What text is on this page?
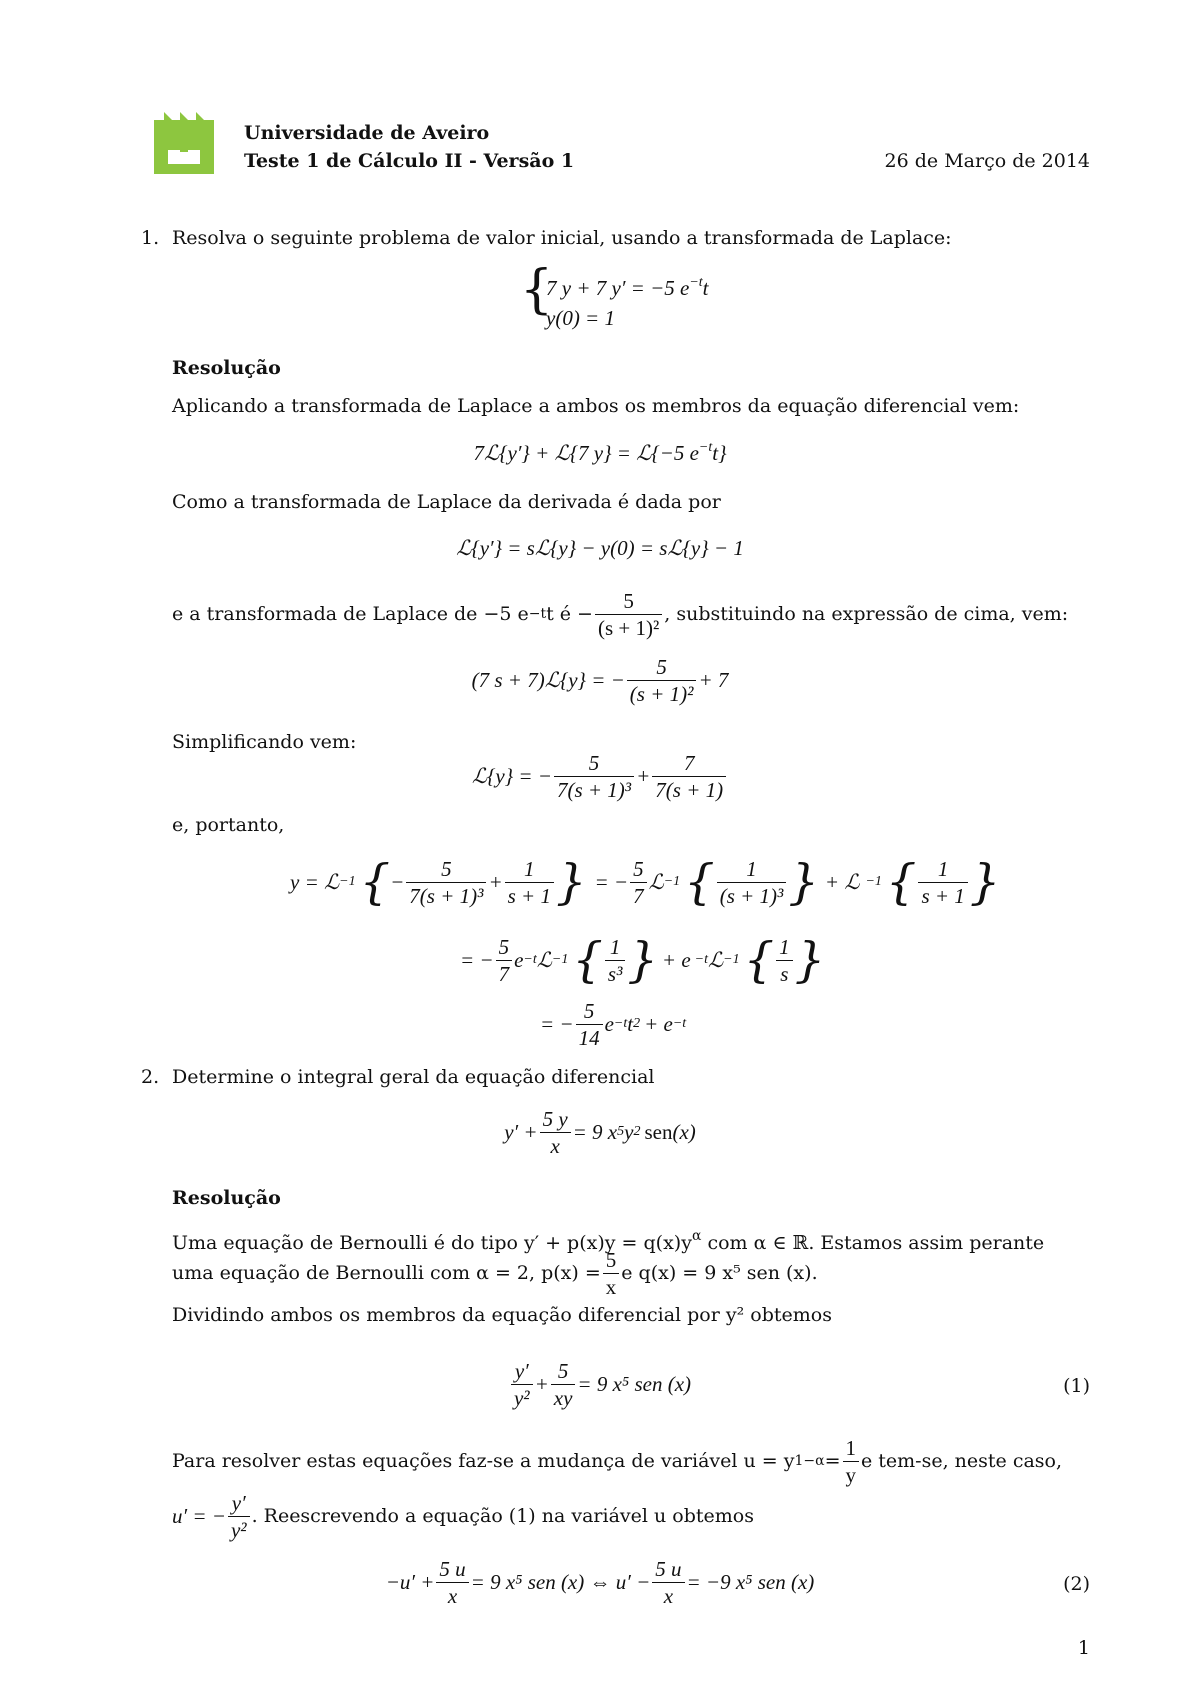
Universidade de Aveiro
Teste 1 de Cálculo II - Versão 1	26 de Março de 2014
1. Resolva o seguinte problema de valor inicial, usando a transformada de Laplace:
{
7 y + 7 y′ = −5 $e^{-t}t$
y(0) = 1
Resolução
Aplicando a transformada de Laplace a ambos os membros da equação diferencial vem:
7ℒ{y′} + ℒ{7 y} = ℒ{−5 $e^{-t}t$}
Como a transformada de Laplace da derivada é dada por
ℒ{y′} = sℒ{y} − y(0) = sℒ{y} − 1
e a transformada de Laplace de −5 e −t t é − $\frac{5}{\text{(s + 1)²}}$ , substituindo na expressão de cima, vem:
(7 s + 7)ℒ{y} = − $\frac{5}{\text{(s + 1)²}} + 7$
Simplificando vem:
ℒ{y} = − $\frac{5}{\text{7(s + 1)³}} + \frac{7}{7(s + 1)}$
e, portanto,
y = ℒ −1 { − $\frac{5}{\text{7(s + 1)³}} + \frac{1}{s + 1}$ } = − $\frac{5}{7}$ ℒ −1 { $\frac{1}{\text{(s + 1)³}}$ } + ℒ −1 { $\frac{1}{s + 1}$ }
= − $\frac{5}{7}$ e −t ℒ −1 { $\frac{1}{\text{s³}}$ } + e −t ℒ −1 { $\frac{1}{s}$ }
= − $\frac{5}{14}$ e −t t 2 + e −t
2. Determine o integral geral da equação diferencial
$y' + \frac{5 y}{x} = 9$ x 5 y 2 sen (x)
Resolução
Uma equação de Bernoulli é do tipo $y' + p(x)y = q(x)y^\alpha$ com α ∈ ℝ. Estamos assim perante
uma equação de Bernoulli com α = 2, $p(x) = \frac{5}{x}$ e q(x) = 9 x⁵ sen (x).
Dividindo ambos os membros da equação diferencial por y² obtemos
$\frac{y'}{\text{y²}} + \frac{5}{xy} = 9$ x⁵ sen (x)	(1)
Para resolver estas equações faz-se a mudança de variável u = y $1-\alpha = \frac{1}{y}$ e tem-se, neste caso,
u′ = − $\frac{y'}{\text{y²}}$ . Reescrevendo a equação (1) na variável u obtemos
$-u' + \frac{5 u}{x} = 9$ x⁵ sen (x) ⇔ $u' - \frac{5 u}{x} = -9$ x⁵ sen (x)	(2)
1
